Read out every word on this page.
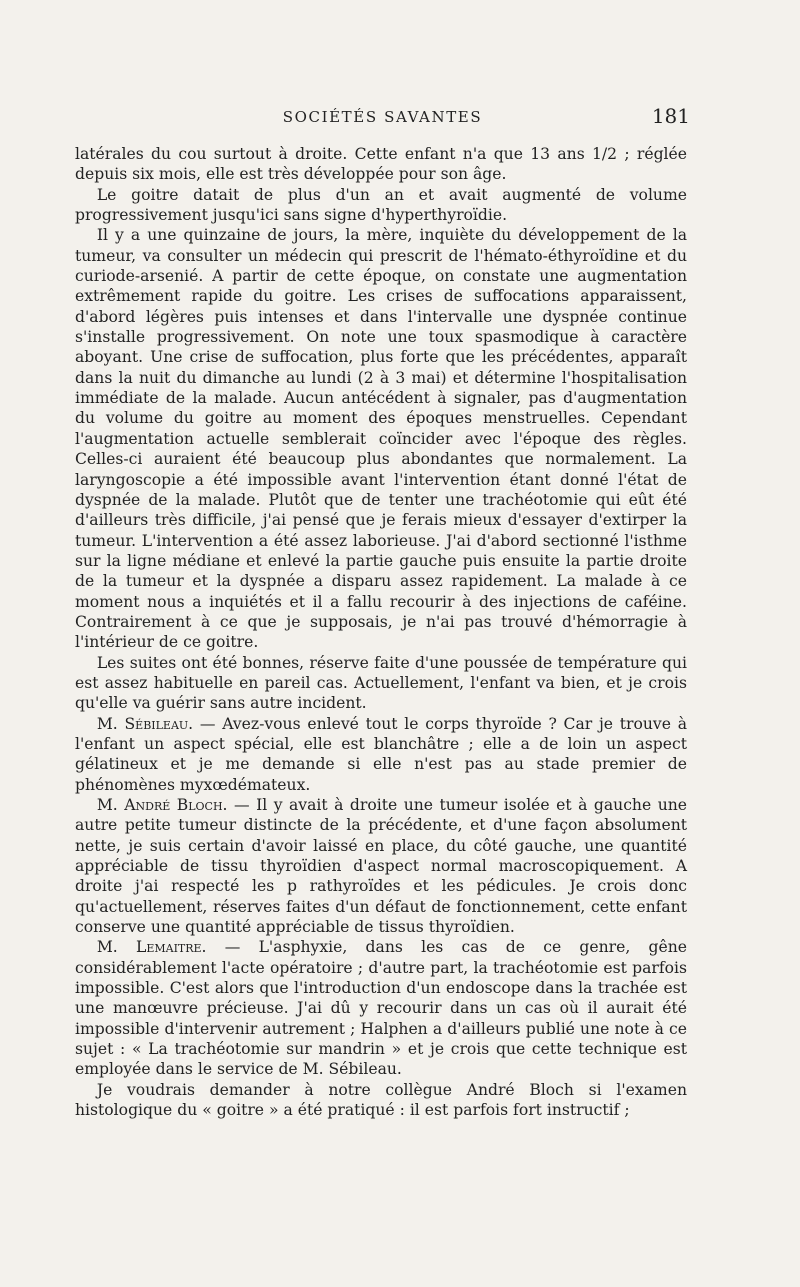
SOCIÉTÉS SAVANTES	181

latérales du cou surtout à droite. Cette enfant n'a que 13 ans 1/2 ; réglée depuis six mois, elle est très développée pour son âge.

Le goitre datait de plus d'un an et avait augmenté de volume progressivement jusqu'ici sans signe d'hyperthyroïdie.

Il y a une quinzaine de jours, la mère, inquiète du développement de la tumeur, va consulter un médecin qui prescrit de l'hémato-éthyroïdine et du curiode-arsenié. A partir de cette époque, on constate une augmentation extrêmement rapide du goitre. Les crises de suffocations apparaissent, d'abord légères puis intenses et dans l'intervalle une dyspnée continue s'installe progressivement. On note une toux spasmodique à caractère aboyant. Une crise de suffocation, plus forte que les précédentes, apparaît dans la nuit du dimanche au lundi (2 à 3 mai) et détermine l'hospitalisation immédiate de la malade. Aucun antécédent à signaler, pas d'augmentation du volume du goitre au moment des époques menstruelles. Cependant l'augmentation actuelle semblerait coïncider avec l'époque des règles. Celles-ci auraient été beaucoup plus abondantes que normalement. La laryngoscopie a été impossible avant l'intervention étant donné l'état de dyspnée de la malade. Plutôt que de tenter une trachéotomie qui eût été d'ailleurs très difficile, j'ai pensé que je ferais mieux d'essayer d'extirper la tumeur. L'intervention a été assez laborieuse. J'ai d'abord sectionné l'isthme sur la ligne médiane et enlevé la partie gauche puis ensuite la partie droite de la tumeur et la dyspnée a disparu assez rapidement. La malade à ce moment nous a inquiétés et il a fallu recourir à des injections de caféine. Contrairement à ce que je supposais, je n'ai pas trouvé d'hémorragie à l'intérieur de ce goitre.

Les suites ont été bonnes, réserve faite d'une poussée de température qui est assez habituelle en pareil cas. Actuellement, l'enfant va bien, et je crois qu'elle va guérir sans autre incident.

M. Sébileau. — Avez-vous enlevé tout le corps thyroïde ? Car je trouve à l'enfant un aspect spécial, elle est blanchâtre ; elle a de loin un aspect gélatineux et je me demande si elle n'est pas au stade premier de phénomènes myxœdémateux.

M. André Bloch. — Il y avait à droite une tumeur isolée et à gauche une autre petite tumeur distincte de la précédente, et d'une façon absolument nette, je suis certain d'avoir laissé en place, du côté gauche, une quantité appréciable de tissu thyroïdien d'aspect normal macroscopiquement. A droite j'ai respecté les p rathyroïdes et les pédicules. Je crois donc qu'actuellement, réserves faites d'un défaut de fonctionnement, cette enfant conserve une quantité appréciable de tissus thyroïdien.

M. Lemaitre. — L'asphyxie, dans les cas de ce genre, gêne considérablement l'acte opératoire ; d'autre part, la trachéotomie est parfois impossible. C'est alors que l'introduction d'un endoscope dans la trachée est une manœuvre précieuse. J'ai dû y recourir dans un cas où il aurait été impossible d'intervenir autrement ; Halphen a d'ailleurs publié une note à ce sujet : « La trachéotomie sur mandrin » et je crois que cette technique est employée dans le service de M. Sébileau.

Je voudrais demander à notre collègue André Bloch si l'examen histologique du « goitre » a été pratiqué : il est parfois fort instructif ;
